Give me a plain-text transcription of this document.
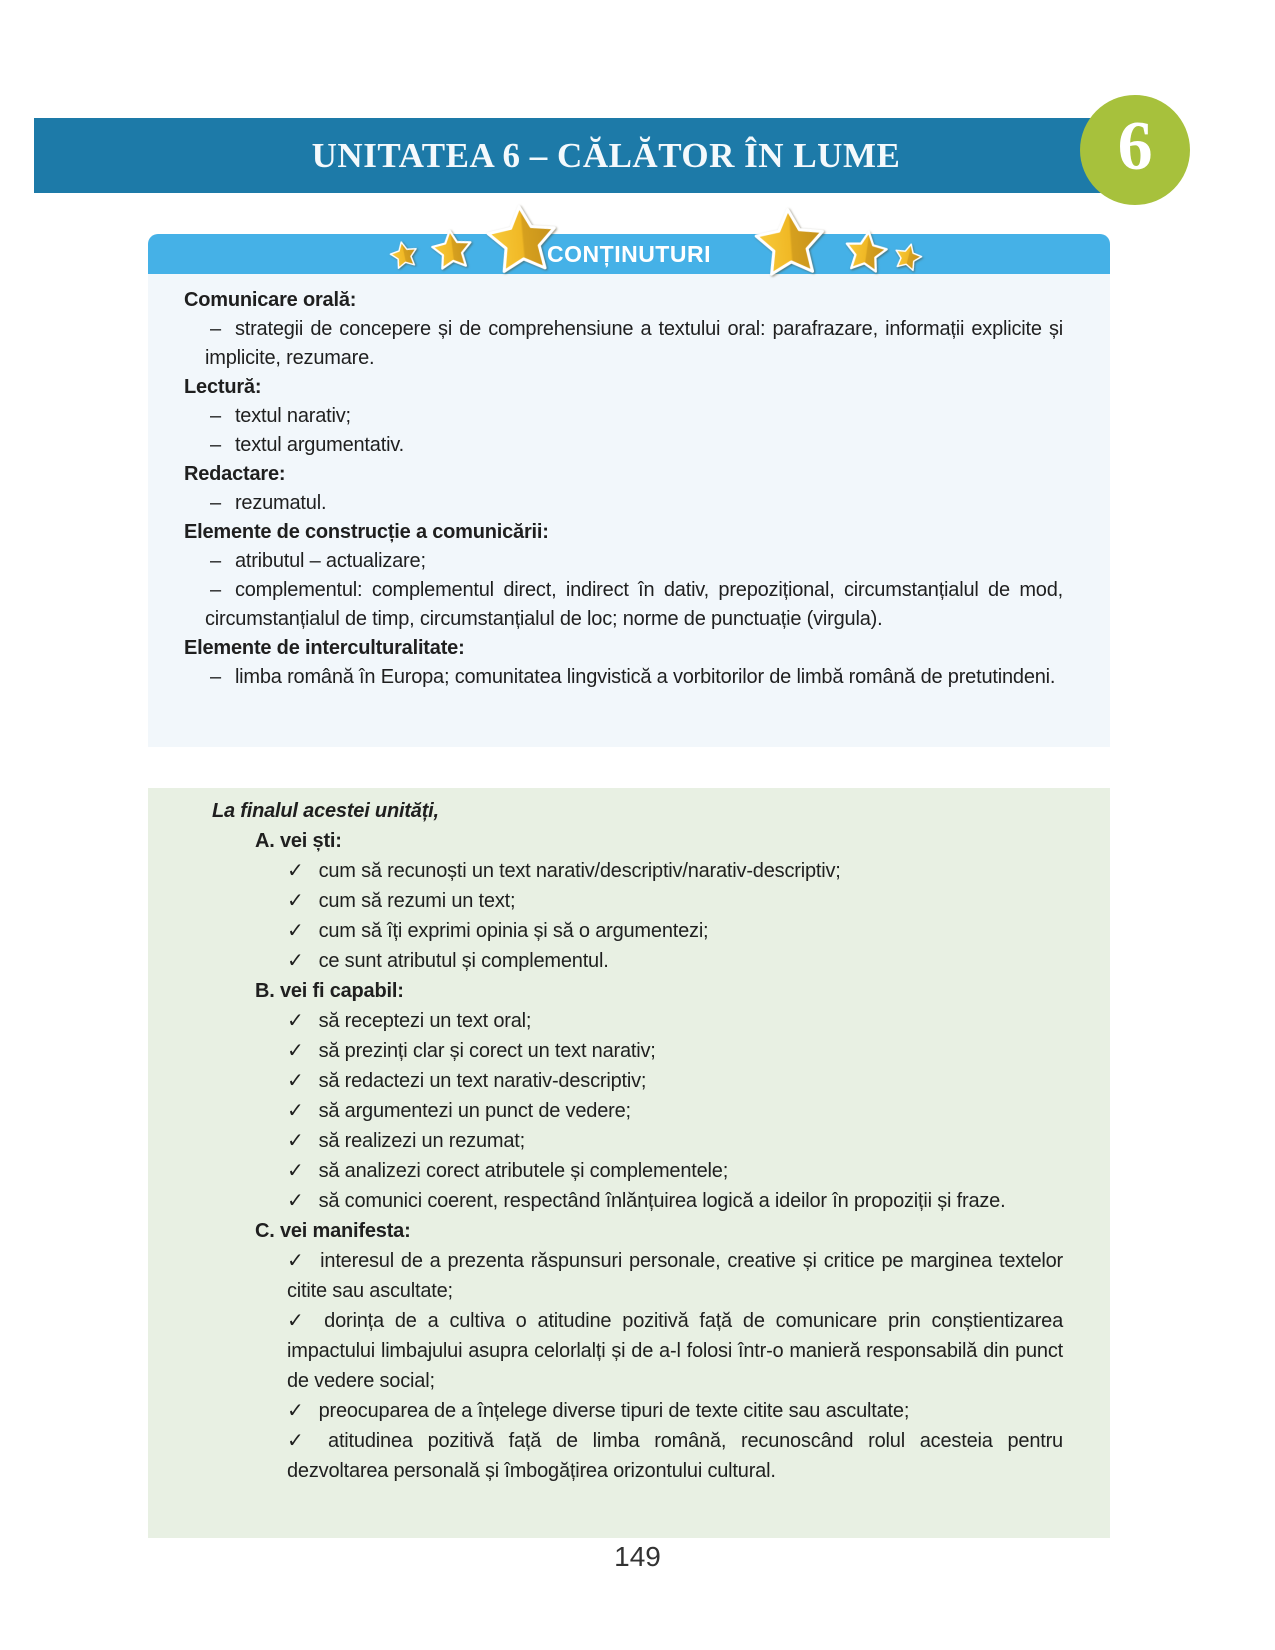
UNITATEA 6 – CĂLĂTOR ÎN LUME	6
CONȚINUTURI

Comunicare orală:

– strategii de concepere și de comprehensiune a textului oral: parafrazare, informații explicite și implicite, rezumare.

Lectură:

– textul narativ;

– textul argumentativ.

Redactare:

– rezumatul.

Elemente de construcție a comunicării:

– atributul – actualizare;

– complementul: complementul direct, indirect în dativ, prepozițional, circumstanțialul de mod, circumstanțialul de timp, circumstanțialul de loc; norme de punctuație (virgula).

Elemente de interculturalitate:

– limba română în Europa; comunitatea lingvistică a vorbitorilor de limbă română de pretutindeni.

La finalul acestei unități,

A. vei ști:

✓ cum să recunoști un text narativ/descriptiv/narativ-descriptiv;

✓ cum să rezumi un text;

✓ cum să îți exprimi opinia și să o argumentezi;

✓ ce sunt atributul și complementul.

B. vei fi capabil:

✓ să receptezi un text oral;

✓ să prezinți clar și corect un text narativ;

✓ să redactezi un text narativ-descriptiv;

✓ să argumentezi un punct de vedere;

✓ să realizezi un rezumat;

✓ să analizezi corect atributele și complementele;

✓ să comunici coerent, respectând înlănțuirea logică a ideilor în propoziții și fraze.

C. vei manifesta:

✓ interesul de a prezenta răspunsuri personale, creative și critice pe marginea textelor citite sau ascultate;

✓ dorința de a cultiva o atitudine pozitivă față de comunicare prin conștientizarea impactului limbajului asupra celorlalți și de a-l folosi într-o manieră responsabilă din punct de vedere social;

✓ preocuparea de a înțelege diverse tipuri de texte citite sau ascultate;

✓ atitudinea pozitivă față de limba română, recunoscând rolul acesteia pentru dezvoltarea personală și îmbogățirea orizontului cultural.

149
